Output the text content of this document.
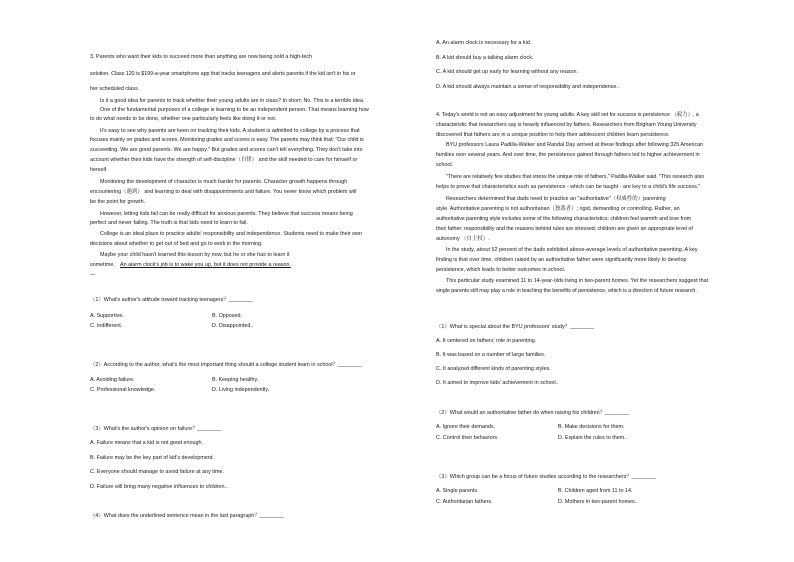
3. Parents who want their kids to succeed more than anything are now being sold a high-tech
solution. Class 120 is $199-a-year smartphone app that tracks teenagers and alerts parents if the kid isn't in his or
her scheduled class.
Is it a good idea for parents to track whether their young adults are in class? In short: No. This is a terrible idea.
One of the fundamental purposes of a college is learning to be an independent person. That means learning how
to do what needs to be done, whether one particularly feels like doing it or not.
It's easy to see why parents are keen on tracking their kids. A student is admitted to college by a process that
focuses mainly on grades and scores. Monitoring grades and scores is easy. The parents may think that: "Our child is
succeeding. We are good parents. We are happy." But grades and scores can't tell everything. They don't take into
account whether their kids have the strength of self-discipline（自律） and the skill needed to care for himself or
herself.
Monitoring the development of character is much harder for parents. Character growth happens through
encountering（遇到） and learning to deal with disappointments and failure. You never know which problem will
be the point for growth.
However, letting kids fail can be really difficult for anxious parents. They believe that success means being
perfect and never failing. The truth is that kids need to learn to fail.
College is an ideal place to practice adults' responsibility and independence. Students need to make their own
decisions about whether to get out of bed and go to work in the morning.
Maybe your child hasn't learned this lesson by now, but he or she has to learn it
sometime. An alarm clock's job is to wake you up, but it does not provide a reason.
—
（1）What's author's attitude toward tracking teenagers？________
A. Supportive.	B. Opposed.
C. Indifferent.	D. Disappointed..
（2）According to the author, what's the most important thing should a college student learn in school？________
A. Avoiding failure.	B. Keeping healthy.
C. Professional knowledge.	D. Living independently..
（3）What's the author's opinion on failure？________
A. Failure means that a kid is not good enough.
B. Failure may be the key part of kid's development.
C. Everyone should manage to avoid failure at any time.
D. Failure will bring many negative influences to children..
（4）What does the underlined sentence mean in the last paragraph？________
A. An alarm clock is necessary for a kid.
B. A kid should buy a talking alarm clock.
C. A kid should get up early for learning without any reason.
D. A kid should always maintain a sense of responsibility and independence..
4. Today's world is not an easy adjustment for young adults. A key skill set for success is persistence （毅力）, a
characteristic that researchers say is heavily influenced by fathers. Researchers from Brigham Young University
discovered that fathers are in a unique position to help their adolescent children learn persistence.
BYU professors Laura Padilla-Walker and Randal Day arrived at these findings after following 325 American
families over several years. And over time, the persistence gained through fathers led to higher achievement in
school.
"There are relatively few studies that stress the unique role of fathers," Padilla-Walker said. "This research also
helps to prove that characteristics such as persistence - which can be taught - are key to a child's life success."
Researchers determined that dads need to practice an "authoritative"（权威性的）parenting
style. Authoritative parenting is not authoritarian（独裁者）; rigid, demanding or controlling. Rather, an
authoritative parenting style includes some of the following characteristics: children feel warmth and love from
their father; responsibility and the reasons behind rules are stressed; children are given an appropriate level of
autonomy （自主权）.
In the study, about 52 percent of the dads exhibited above-average levels of authoritative parenting. A key
finding is that over time, children raised by an authoritative father were significantly more likely to develop
persistence, which leads to better outcomes in school.
This particular study examined 11 to 14-year-olds living in two-parent homes. Yet the researchers suggest that
single parents still may play a role in teaching the benefits of persistence, which is a direction of future research.
（1）What is special about the BYU professors' study？________
A. It centered on fathers' role in parenting.
B. It was based on a number of large families.
C. It analyzed different kinds of parenting styles.
D. It aimed to improve kids' achievement in school..
（2）What would an authoritative father do when raising his children？________
A. Ignore their demands.	B. Make decisions for them.
C. Control their behaviors.	D. Explain the rules to them..
（3）Which group can be a focus of future studies according to the researchers？________
A. Single parents.	B. Children aged from 11 to 14.
C. Authoritarian fathers.	D. Mothers in two-parent homes..
